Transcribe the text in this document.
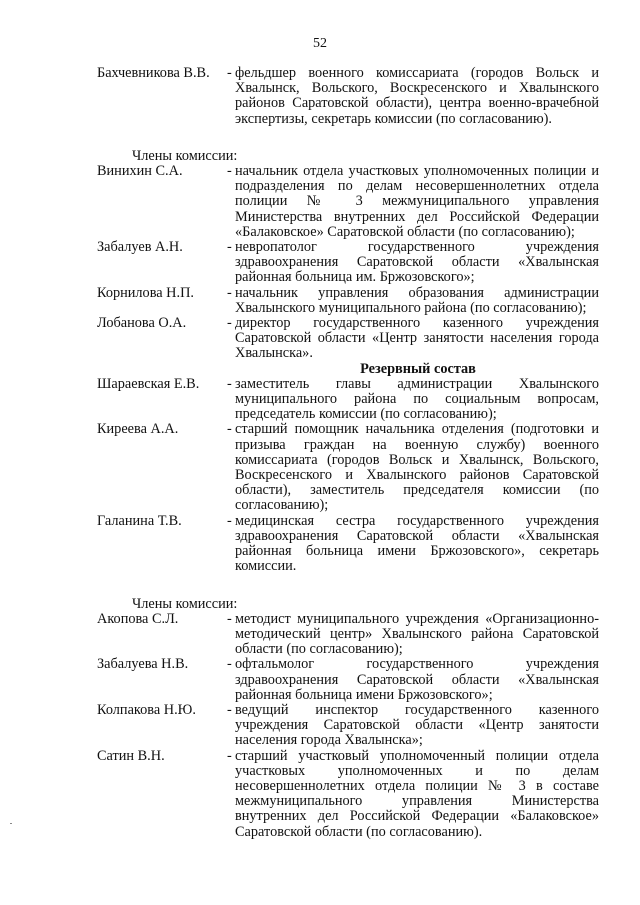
52
Бахчевникова В.В.	- фельдшер военного комиссариата (городов Вольск и Хвалынск, Вольского, Воскресенского и Хвалынского районов Саратовской области), центра военно-врачебной экспертизы, секретарь комиссии (по согласованию).
Члены комиссии:
Винихин С.А.	- начальник отдела участковых уполномоченных полиции и подразделения по делам несовершеннолетних отдела полиции № 3 межмуниципального управления Министерства внутренних дел Российской Федерации «Балаковское» Саратовской области (по согласованию);
Забалуев А.Н.	- невропатолог государственного учреждения здравоохранения Саратовской области «Хвалынская районная больница им. Бржозовского»;
Корнилова Н.П.	- начальник управления образования администрации Хвалынского муниципального района (по согласованию);
Лобанова О.А.	- директор государственного казенного учреждения Саратовской области «Центр занятости населения города Хвалынска».
Резервный состав
Шараевская Е.В.	- заместитель главы администрации Хвалынского муниципального района по социальным вопросам, председатель комиссии (по согласованию);
Киреева А.А.	- старший помощник начальника отделения (подготовки и призыва граждан на военную службу) военного комиссариата (городов Вольск и Хвалынск, Вольского, Воскресенского и Хвалынского районов Саратовской области), заместитель председателя комиссии (по согласованию);
Галанина Т.В.	- медицинская сестра государственного учреждения здравоохранения Саратовской области «Хвалынская районная больница имени Бржозовского», секретарь комиссии.
Члены комиссии:
Акопова С.Л.	- методист муниципального учреждения «Организационно-методический центр» Хвалынского района Саратовской области (по согласованию);
Забалуева Н.В.	- офтальмолог государственного учреждения здравоохранения Саратовской области «Хвалынская районная больница имени Бржозовского»;
Колпакова Н.Ю.	- ведущий инспектор государственного казенного учреждения Саратовской области «Центр занятости населения города Хвалынска»;
Сатин В.Н.	- старший участковый уполномоченный полиции отдела участковых уполномоченных и по делам несовершеннолетних отдела полиции № 3 в составе межмуниципального управления Министерства внутренних дел Российской Федерации «Балаковское» Саратовской области (по согласованию).
